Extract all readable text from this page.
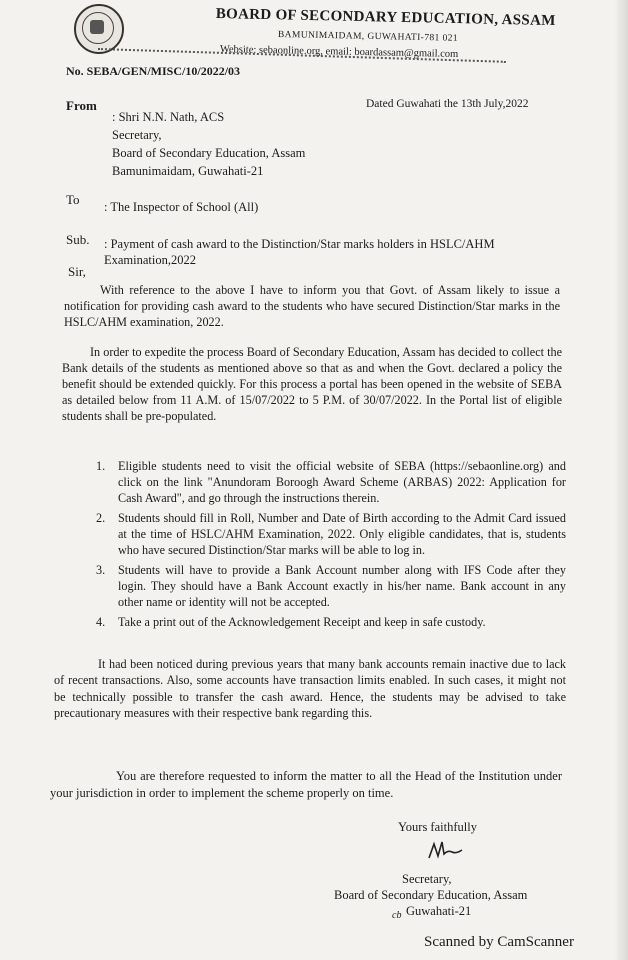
BOARD OF SECONDARY EDUCATION, ASSAM
BAMUNIMAIDAM, GUWAHATI-781 021
Website: sebaonline.org, email: boardassam@gmail.com
No. SEBA/GEN/MISC/10/2022/03
Dated Guwahati the 13th July,2022
From
: Shri N.N. Nath, ACS
Secretary,
Board of Secondary Education, Assam
Bamunimaidam, Guwahati-21
To : The Inspector of School (All)
Sub. : Payment of cash award to the Distinction/Star marks holders in HSLC/AHM Examination,2022
Sir,
With reference to the above I have to inform you that Govt. of Assam likely to issue a notification for providing cash award to the students who have secured Distinction/Star marks in the HSLC/AHM examination, 2022.
In order to expedite the process Board of Secondary Education, Assam has decided to collect the Bank details of the students as mentioned above so that as and when the Govt. declared a policy the benefit should be extended quickly. For this process a portal has been opened in the website of SEBA as detailed below from 11 A.M. of 15/07/2022 to 5 P.M. of 30/07/2022. In the Portal list of eligible students shall be pre-populated.
1. Eligible students need to visit the official website of SEBA (https://sebaonline.org) and click on the link "Anundoram Boroogh Award Scheme (ARBAS) 2022: Application for Cash Award", and go through the instructions therein.
2. Students should fill in Roll, Number and Date of Birth according to the Admit Card issued at the time of HSLC/AHM Examination, 2022. Only eligible candidates, that is, students who have secured Distinction/Star marks will be able to log in.
3. Students will have to provide a Bank Account number along with IFS Code after they login. They should have a Bank Account exactly in his/her name. Bank account in any other name or identity will not be accepted.
4. Take a print out of the Acknowledgement Receipt and keep in safe custody.
It had been noticed during previous years that many bank accounts remain inactive due to lack of recent transactions. Also, some accounts have transaction limits enabled. In such cases, it might not be technically possible to transfer the cash award. Hence, the students may be advised to take precautionary measures with their respective bank regarding this.
You are therefore requested to inform the matter to all the Head of the Institution under your jurisdiction in order to implement the scheme properly on time.
Yours faithfully
Secretary,
Board of Secondary Education, Assam
cb Guwahati-21
Scanned by CamScanner
